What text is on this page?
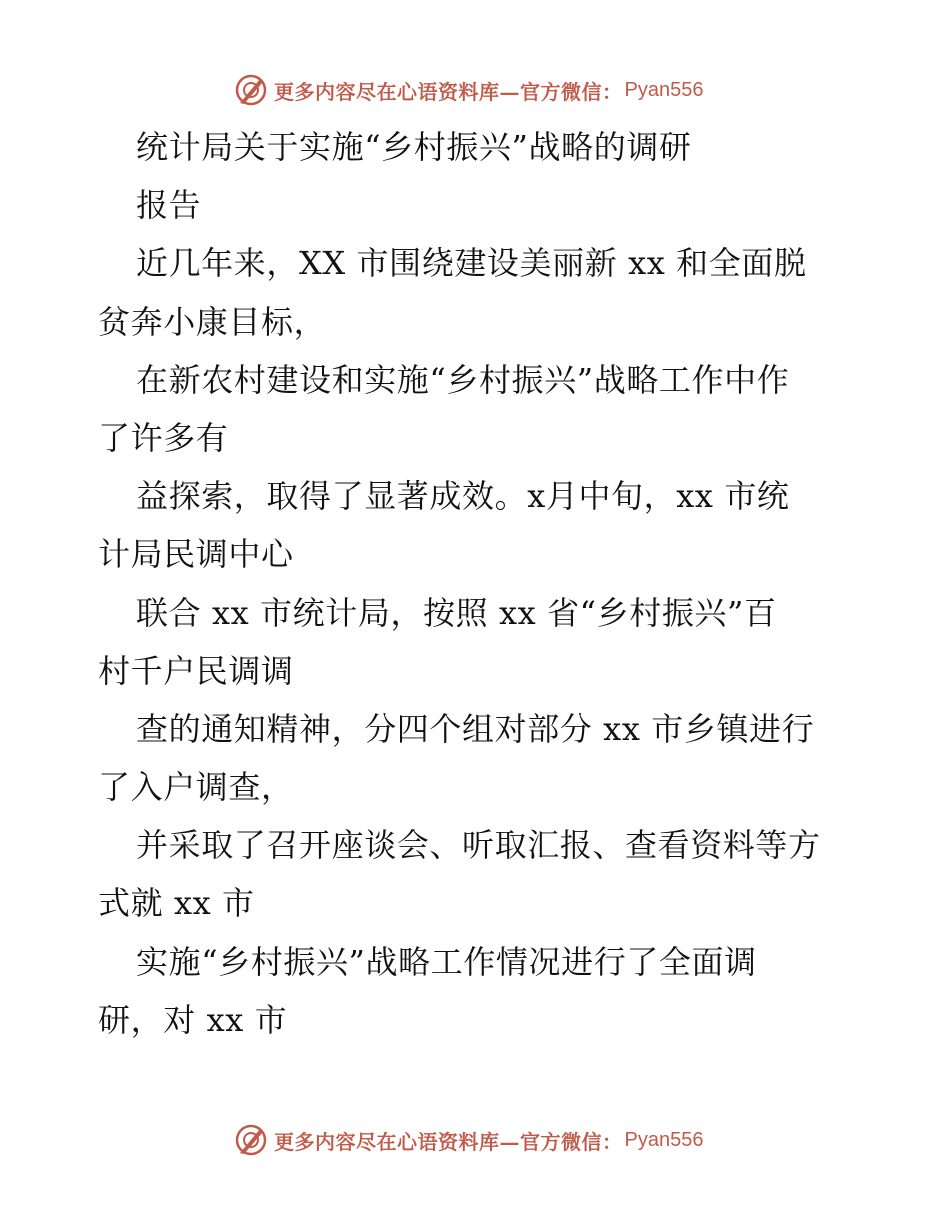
更多内容尽在心语资料库—官方微信： Pyan556
统计局关于实施“乡村振兴”战略的调研
报告
近几年来，XX 市围绕建设美丽新 xx 和全面脱
贫奔小康目标，
在新农村建设和实施“乡村振兴”战略工作中作
了许多有
益探索，取得了显著成效。x月中旬，xx 市统
计局民调中心
联合 xx 市统计局，按照 xx 省“乡村振兴”百
村千户民调调
查的通知精神，分四个组对部分 xx 市乡镇进行
了入户调查，
并采取了召开座谈会、听取汇报、查看资料等方
式就 xx 市
实施“乡村振兴”战略工作情况进行了全面调
研，对 xx 市
更多内容尽在心语资料库—官方微信： Pyan556
